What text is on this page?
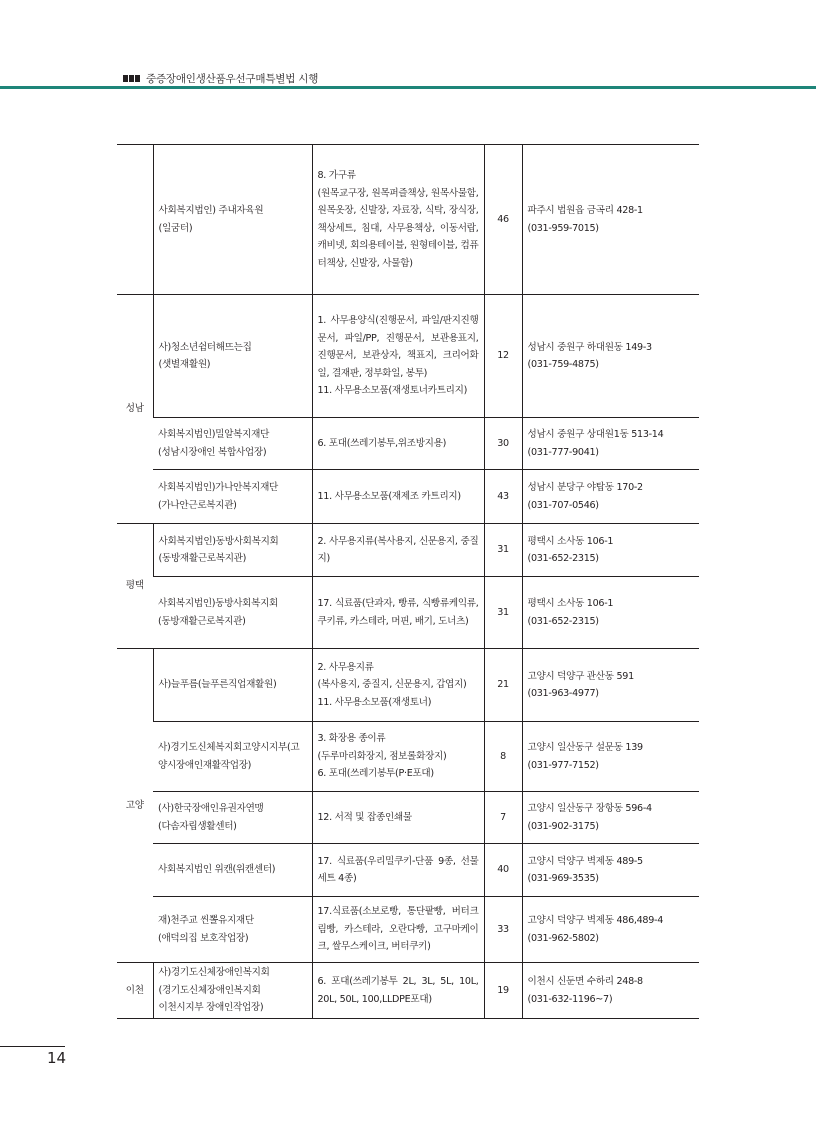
중증장애인생산품우선구매특별법 시행

	사회복지법인) 주내자육원
(일굼터)	8. 가구류
(원목교구장, 원목퍼즐책상, 원목사물함, 원목옷장, 신발장, 자료장, 식탁, 장식장, 책상세트, 침대, 사무용책상, 이동서랍, 캐비넷, 회의용테이블, 원형테이블, 컴퓨터책상, 신발장, 사물함)	46	파주시 법원읍 금곡리 428-1
(031-959-7015)

성남	사)청소년쉼터해뜨는집
(샛별재활원)	1. 사무용양식(진행문서, 파일/판지진행문서, 파일/PP, 진행문서, 보관용표지, 진행문서, 보관상자, 책표지, 크리어화일, 결재판, 정부화일, 봉투)
11. 사무용소모품(재생토너카트리지)	12	성남시 중원구 하대원동 149-3
(031-759-4875)

	사회복지법인)밀알복지재단
(성남시장애인 복합사업장)	6. 포대(쓰레기봉투,위조방지용)	30	성남시 중원구 상대원1동 513-14
(031-777-9041)

	사회복지법인)가나안복지재단
(가나안근로복지관)	11. 사무용소모품(재제조 카트리지)	43	성남시 분당구 야탑동 170-2
(031-707-0546)

평택	사회복지법인)동방사회복지회
(동방재활근로복지관)	2. 사무용지류(복사용지, 신문용지, 중질지)	31	평택시 소사동 106-1
(031-652-2315)

	사회복지법인)동방사회복지회
(동방재활근로복지관)	17. 식료품(단과자, 빵류, 식빵류케익류, 쿠키류, 카스테라, 머핀, 배기, 도너츠)	31	평택시 소사동 106-1
(031-652-2315)

고양	사)늘푸름(늘푸른직업재활원)	2. 사무용지류
(복사용지, 중질지, 신문용지, 갑엽지)
11. 사무용소모품(재생토너)	21	고양시 덕양구 관산동 591
(031-963-4977)

	사)경기도신체복지회고양시지부(고양시장애인재활작업장)	3. 화장용 종이류
(두루마리화장지, 점보롤화장지)
6. 포대(쓰레기봉투(P·E포대)	8	고양시 일산동구 설문동 139
(031-977-7152)

	(사)한국장애인유권자연맹
(다솜자립생활센터)	12. 서적 및 잡종인쇄물	7	고양시 일산동구 장항동 596-4
(031-902-3175)

	사회복지법인 위캔(위캔센터)	17. 식료품(우리밀쿠키-단품 9종, 선물세트 4종)	40	고양시 덕양구 벽제동 489-5
(031-969-3535)

	재)천주교 씬뽈유지재단
(애덕의집 보호작업장)	17.식료품(소보로빵, 통단팥빵, 버터크림빵, 카스테라, 오란다빵, 고구마케이크, 쌀무스케이크, 버터쿠키)	33	고양시 덕양구 벽제동 486,489-4
(031-962-5802)

이천	사)경기도신체장애인복지회
(경기도신체장애인복지회
이천시지부 장애인작업장)	6. 포대(쓰레기봉투 2L, 3L, 5L, 10L, 20L, 50L, 100,LLDPE포대)	19	이천시 신둔면 수하리 248-8
(031-632-1196~7)
14
